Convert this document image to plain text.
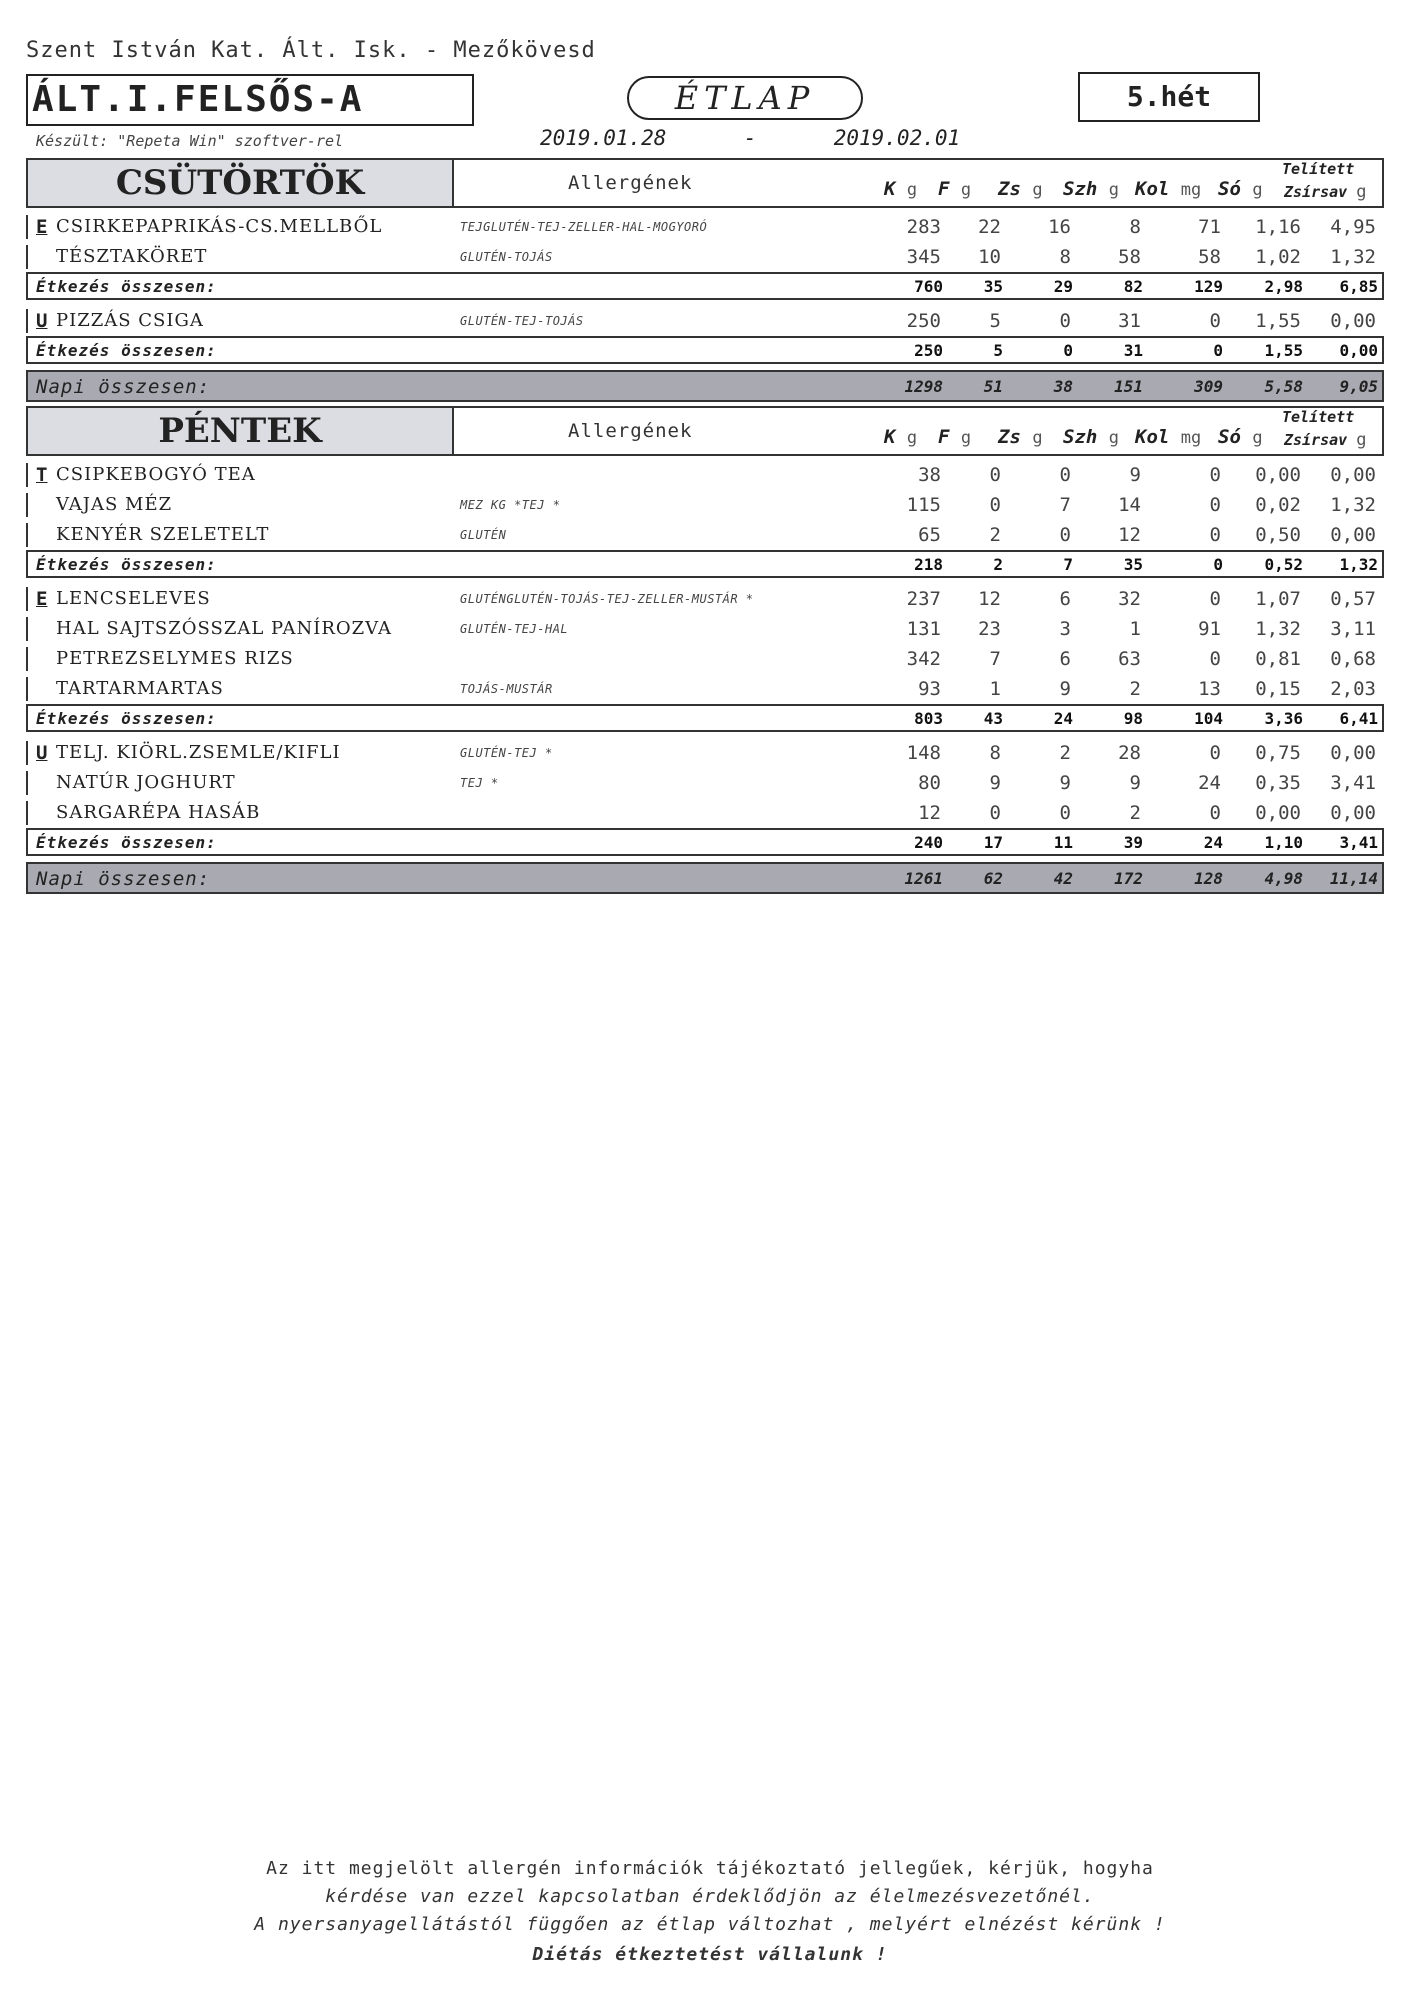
Szent István Kat. Ált. Isk. - Mezőkövesd
ÁLT.I.FELSŐS-A	ÉTLAP	5.hét
Készült: "Repeta Win" szoftver-rel	2019.01.28	-	2019.02.01
CSÜTÖRTÖK	Allergének
Telített
K g F g Zs g Szh g Kol mg Só g Zsírsav g
E CSIRKEPAPRIKÁS-CS.MELLBŐL	TEJGLUTÉN-TEJ-ZELLER-HAL-MOGYORÓ	283	22	16	8	71	1,16	4,95
TÉSZTAKÖRET	GLUTÉN-TOJÁS	345	10	8	58	58	1,02	1,32
Étkezés összesen:	760	35	29	82	129	2,98	6,85
U PIZZÁS CSIGA	GLUTÉN-TEJ-TOJÁS	250	5	0	31	0	1,55	0,00
Étkezés összesen:	250	5	0	31	0	1,55	0,00
Napi összesen:	1298	51	38	151	309	5,58	9,05
PÉNTEK	Allergének
Telített
K g F g Zs g Szh g Kol mg Só g Zsírsav g
T CSIPKEBOGYÓ TEA	38	0	0	9	0	0,00	0,00
VAJAS MÉZ	MEZ KG *TEJ *	115	0	7	14	0	0,02	1,32
KENYÉR SZELETELT	GLUTÉN	65	2	0	12	0	0,50	0,00
Étkezés összesen:	218	2	7	35	0	0,52	1,32
E LENCSELEVES	GLUTÉNGLUTÉN-TOJÁS-TEJ-ZELLER-MUSTÁR *	237	12	6	32	0	1,07	0,57
HAL SAJTSZÓSSZAL PANÍROZVA	GLUTÉN-TEJ-HAL	131	23	3	1	91	1,32	3,11
PETREZSELYMES RIZS	342	7	6	63	0	0,81	0,68
TARTARMARTAS	TOJÁS-MUSTÁR	93	1	9	2	13	0,15	2,03
Étkezés összesen:	803	43	24	98	104	3,36	6,41
U TELJ. KIÖRL.ZSEMLE/KIFLI	GLUTÉN-TEJ *	148	8	2	28	0	0,75	0,00
NATÚR JOGHURT	TEJ *	80	9	9	9	24	0,35	3,41
SARGARÉPA HASÁB	12	0	0	2	0	0,00	0,00
Étkezés összesen:	240	17	11	39	24	1,10	3,41
Napi összesen:	1261	62	42	172	128	4,98	11,14
Az itt megjelölt allergén információk tájékoztató jellegűek, kérjük, hogyha
kérdése van ezzel kapcsolatban érdeklődjön az élelmezésvezetőnél.
A nyersanyagellátástól függően az étlap változhat , melyért elnézést kérünk !
Diétás étkeztetést vállalunk !
